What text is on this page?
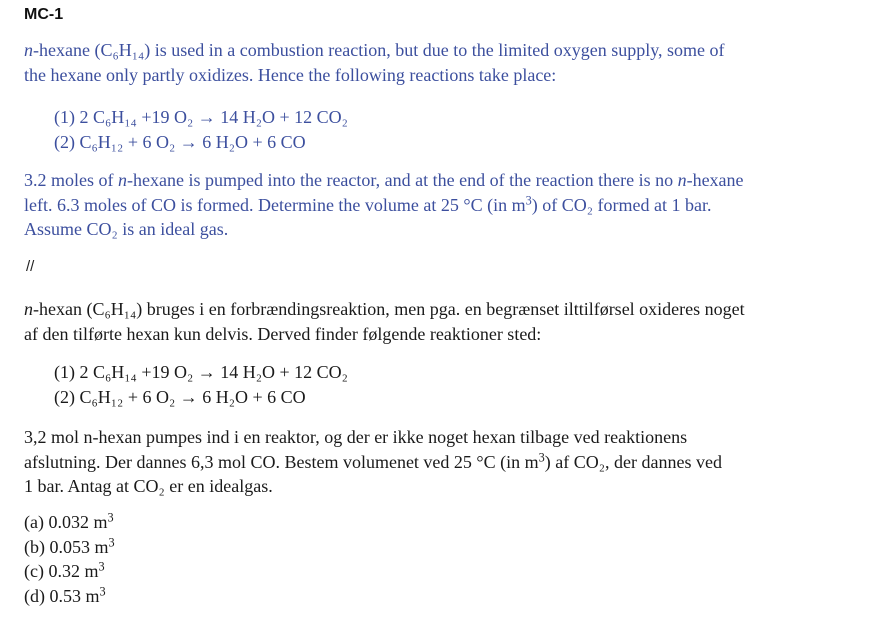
MC-1
n-hexane (C₆H₁₄) is used in a combustion reaction, but due to the limited oxygen supply, some of
the hexane only partly oxidizes. Hence the following reactions take place:
(1) 2 C₆H₁₄ +19 O₂ → 14 H₂O + 12 CO₂
(2) C₆H₁₂ + 6 O₂ → 6 H₂O + 6 CO
3.2 moles of n-hexane is pumped into the reactor, and at the end of the reaction there is no n-hexane
left. 6.3 moles of CO is formed. Determine the volume at 25 °C (in $m^3$) of CO₂ formed at 1 bar.
Assume CO₂ is an ideal gas.
//
n-hexan (C₆H₁₄) bruges i en forbrændingsreaktion, men pga. en begrænset ilttilførsel oxideres noget
af den tilførte hexan kun delvis. Derved finder følgende reaktioner sted:
(1) 2 C₆H₁₄ +19 O₂ → 14 H₂O + 12 CO₂
(2) C₆H₁₂ + 6 O₂ → 6 H₂O + 6 CO
3,2 mol n-hexan pumpes ind i en reaktor, og der er ikke noget hexan tilbage ved reaktionens
afslutning. Der dannes 6,3 mol CO. Bestem volumenet ved 25 °C (in $m^3$) af CO₂, der dannes ved
1 bar. Antag at CO₂ er en idealgas.
(a) 0.032 $m^3$
(b) 0.053 $m^3$
(c) 0.32 $m^3$
(d) 0.53 $m^3$
